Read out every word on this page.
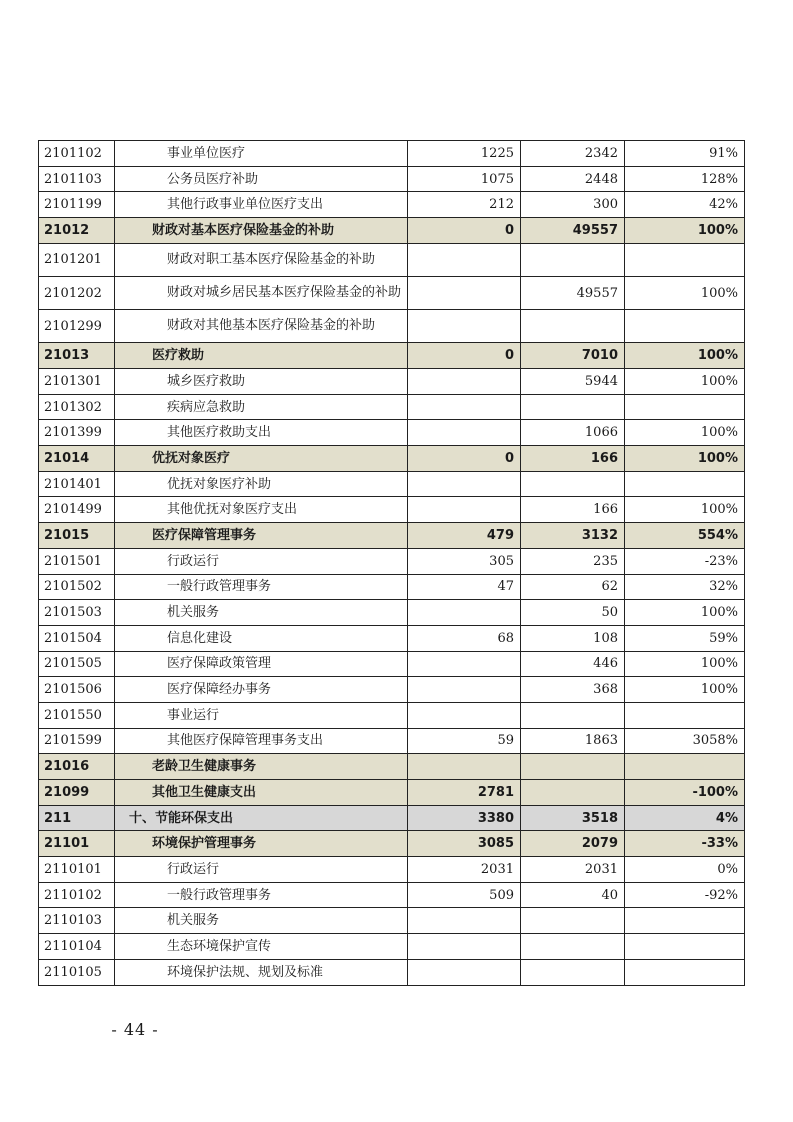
2101102	事业单位医疗	1225	2342	91%
2101103	公务员医疗补助	1075	2448	128%
2101199	其他行政事业单位医疗支出	212	300	42%
21012	财政对基本医疗保险基金的补助	0	49557	100%
2101201	财政对职工基本医疗保险基金的补助			
2101202	财政对城乡居民基本医疗保险基金的补助		49557	100%
2101299	财政对其他基本医疗保险基金的补助			
21013	医疗救助	0	7010	100%
2101301	城乡医疗救助		5944	100%
2101302	疾病应急救助			
2101399	其他医疗救助支出		1066	100%
21014	优抚对象医疗	0	166	100%
2101401	优抚对象医疗补助			
2101499	其他优抚对象医疗支出		166	100%
21015	医疗保障管理事务	479	3132	554%
2101501	行政运行	305	235	-23%
2101502	一般行政管理事务	47	62	32%
2101503	机关服务		50	100%
2101504	信息化建设	68	108	59%
2101505	医疗保障政策管理		446	100%
2101506	医疗保障经办事务		368	100%
2101550	事业运行			
2101599	其他医疗保障管理事务支出	59	1863	3058%
21016	老龄卫生健康事务			
21099	其他卫生健康支出	2781		-100%
211	十、节能环保支出	3380	3518	4%
21101	环境保护管理事务	3085	2079	-33%
2110101	行政运行	2031	2031	0%
2110102	一般行政管理事务	509	40	-92%
2110103	机关服务			
2110104	生态环境保护宣传			
2110105	环境保护法规、规划及标准			
- 44 -
